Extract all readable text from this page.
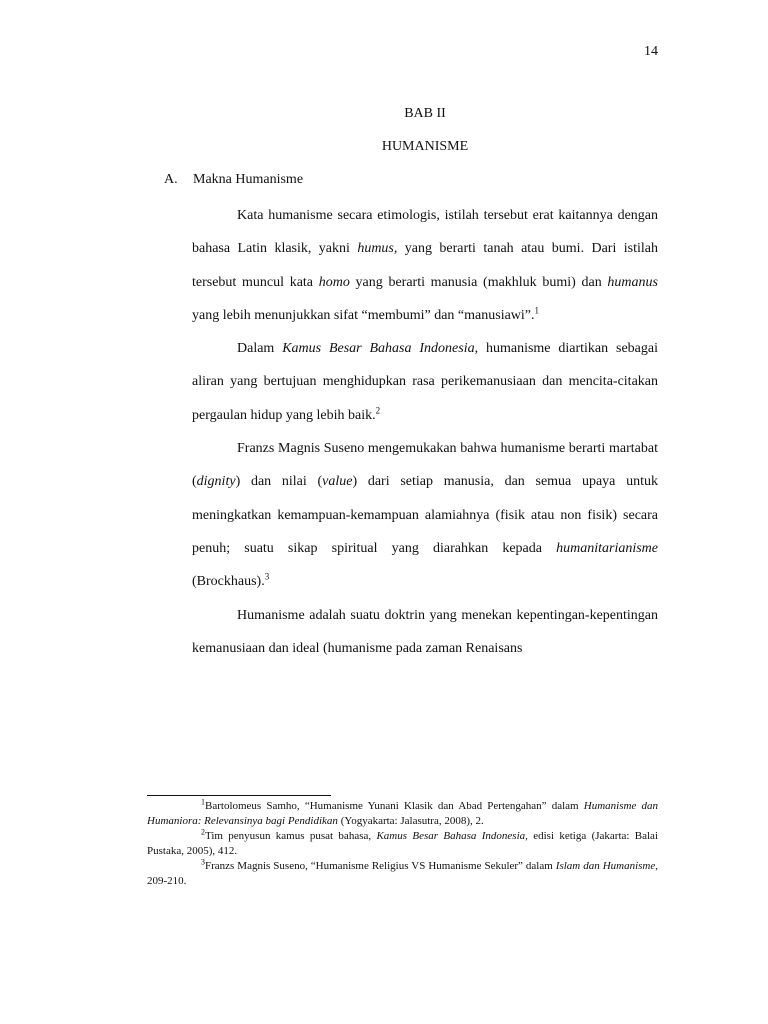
14
BAB II
HUMANISME
A. Makna Humanisme

Kata humanisme secara etimologis, istilah tersebut erat kaitannya dengan bahasa Latin klasik, yakni humus, yang berarti tanah atau bumi. Dari istilah tersebut muncul kata homo yang berarti manusia (makhluk bumi) dan humanus yang lebih menunjukkan sifat “membumi” dan “manusiawi”.$^1$

Dalam Kamus Besar Bahasa Indonesia, humanisme diartikan sebagai aliran yang bertujuan menghidupkan rasa perikemanusiaan dan mencita-citakan pergaulan hidup yang lebih baik.$^2$

Franzs Magnis Suseno mengemukakan bahwa humanisme berarti martabat (dignity) dan nilai (value) dari setiap manusia, dan semua upaya untuk meningkatkan kemampuan-kemampuan alamiahnya (fisik atau non fisik) secara penuh; suatu sikap spiritual yang diarahkan kepada humanitarianisme (Brockhaus).$^3$

Humanisme adalah suatu doktrin yang menekan kepentingan-kepentingan kemanusiaan dan ideal (humanisme pada zaman Renaisans

$^1$Bartolomeus Samho, “Humanisme Yunani Klasik dan Abad Pertengahan” dalam Humanisme dan Humaniora: Relevansinya bagi Pendidikan (Yogyakarta: Jalasutra, 2008), 2.

$^2$Tim penyusun kamus pusat bahasa, Kamus Besar Bahasa Indonesia, edisi ketiga (Jakarta: Balai Pustaka, 2005), 412.

$^3$Franzs Magnis Suseno, “Humanisme Religius VS Humanisme Sekuler” dalam Islam dan Humanisme, 209-210.
